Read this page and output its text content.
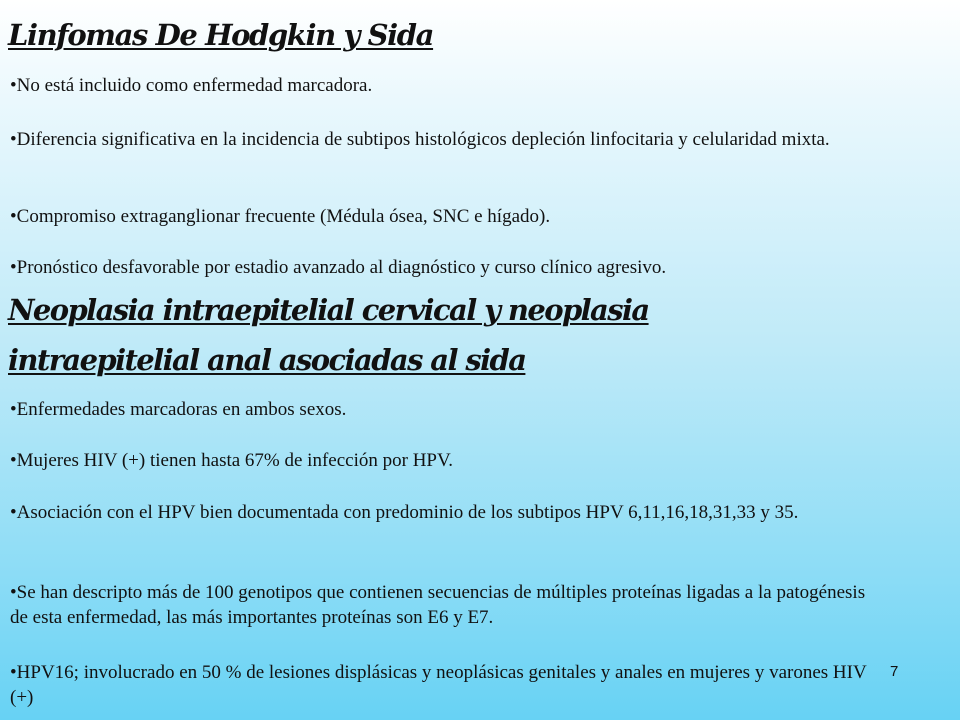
Linfomas De Hodgkin y Sida

• No está incluido como enfermedad marcadora.

• Diferencia significativa en la incidencia de subtipos histológicos depleción linfocitaria y celularidad mixta.

• Compromiso extraganglionar frecuente (Médula ósea, SNC e hígado).

• Pronóstico desfavorable por estadio avanzado al diagnóstico y curso clínico agresivo.

Neoplasia intraepitelial cervical y neoplasia
intraepitelial anal asociadas al sida

• Enfermedades marcadoras en ambos sexos.

• Mujeres HIV (+) tienen hasta 67% de infección por HPV.

• Asociación con el HPV bien documentada con predominio de los subtipos HPV 6,11,16,18,31,33 y 35.

• Se han descripto más de 100 genotipos que contienen secuencias de múltiples proteínas ligadas a la patogénesis de esta enfermedad, las más importantes proteínas son E6 y E7.

• HPV16; involucrado en 50 % de lesiones displásicas y neoplásicas genitales y anales en mujeres y varones HIV (+)

7
